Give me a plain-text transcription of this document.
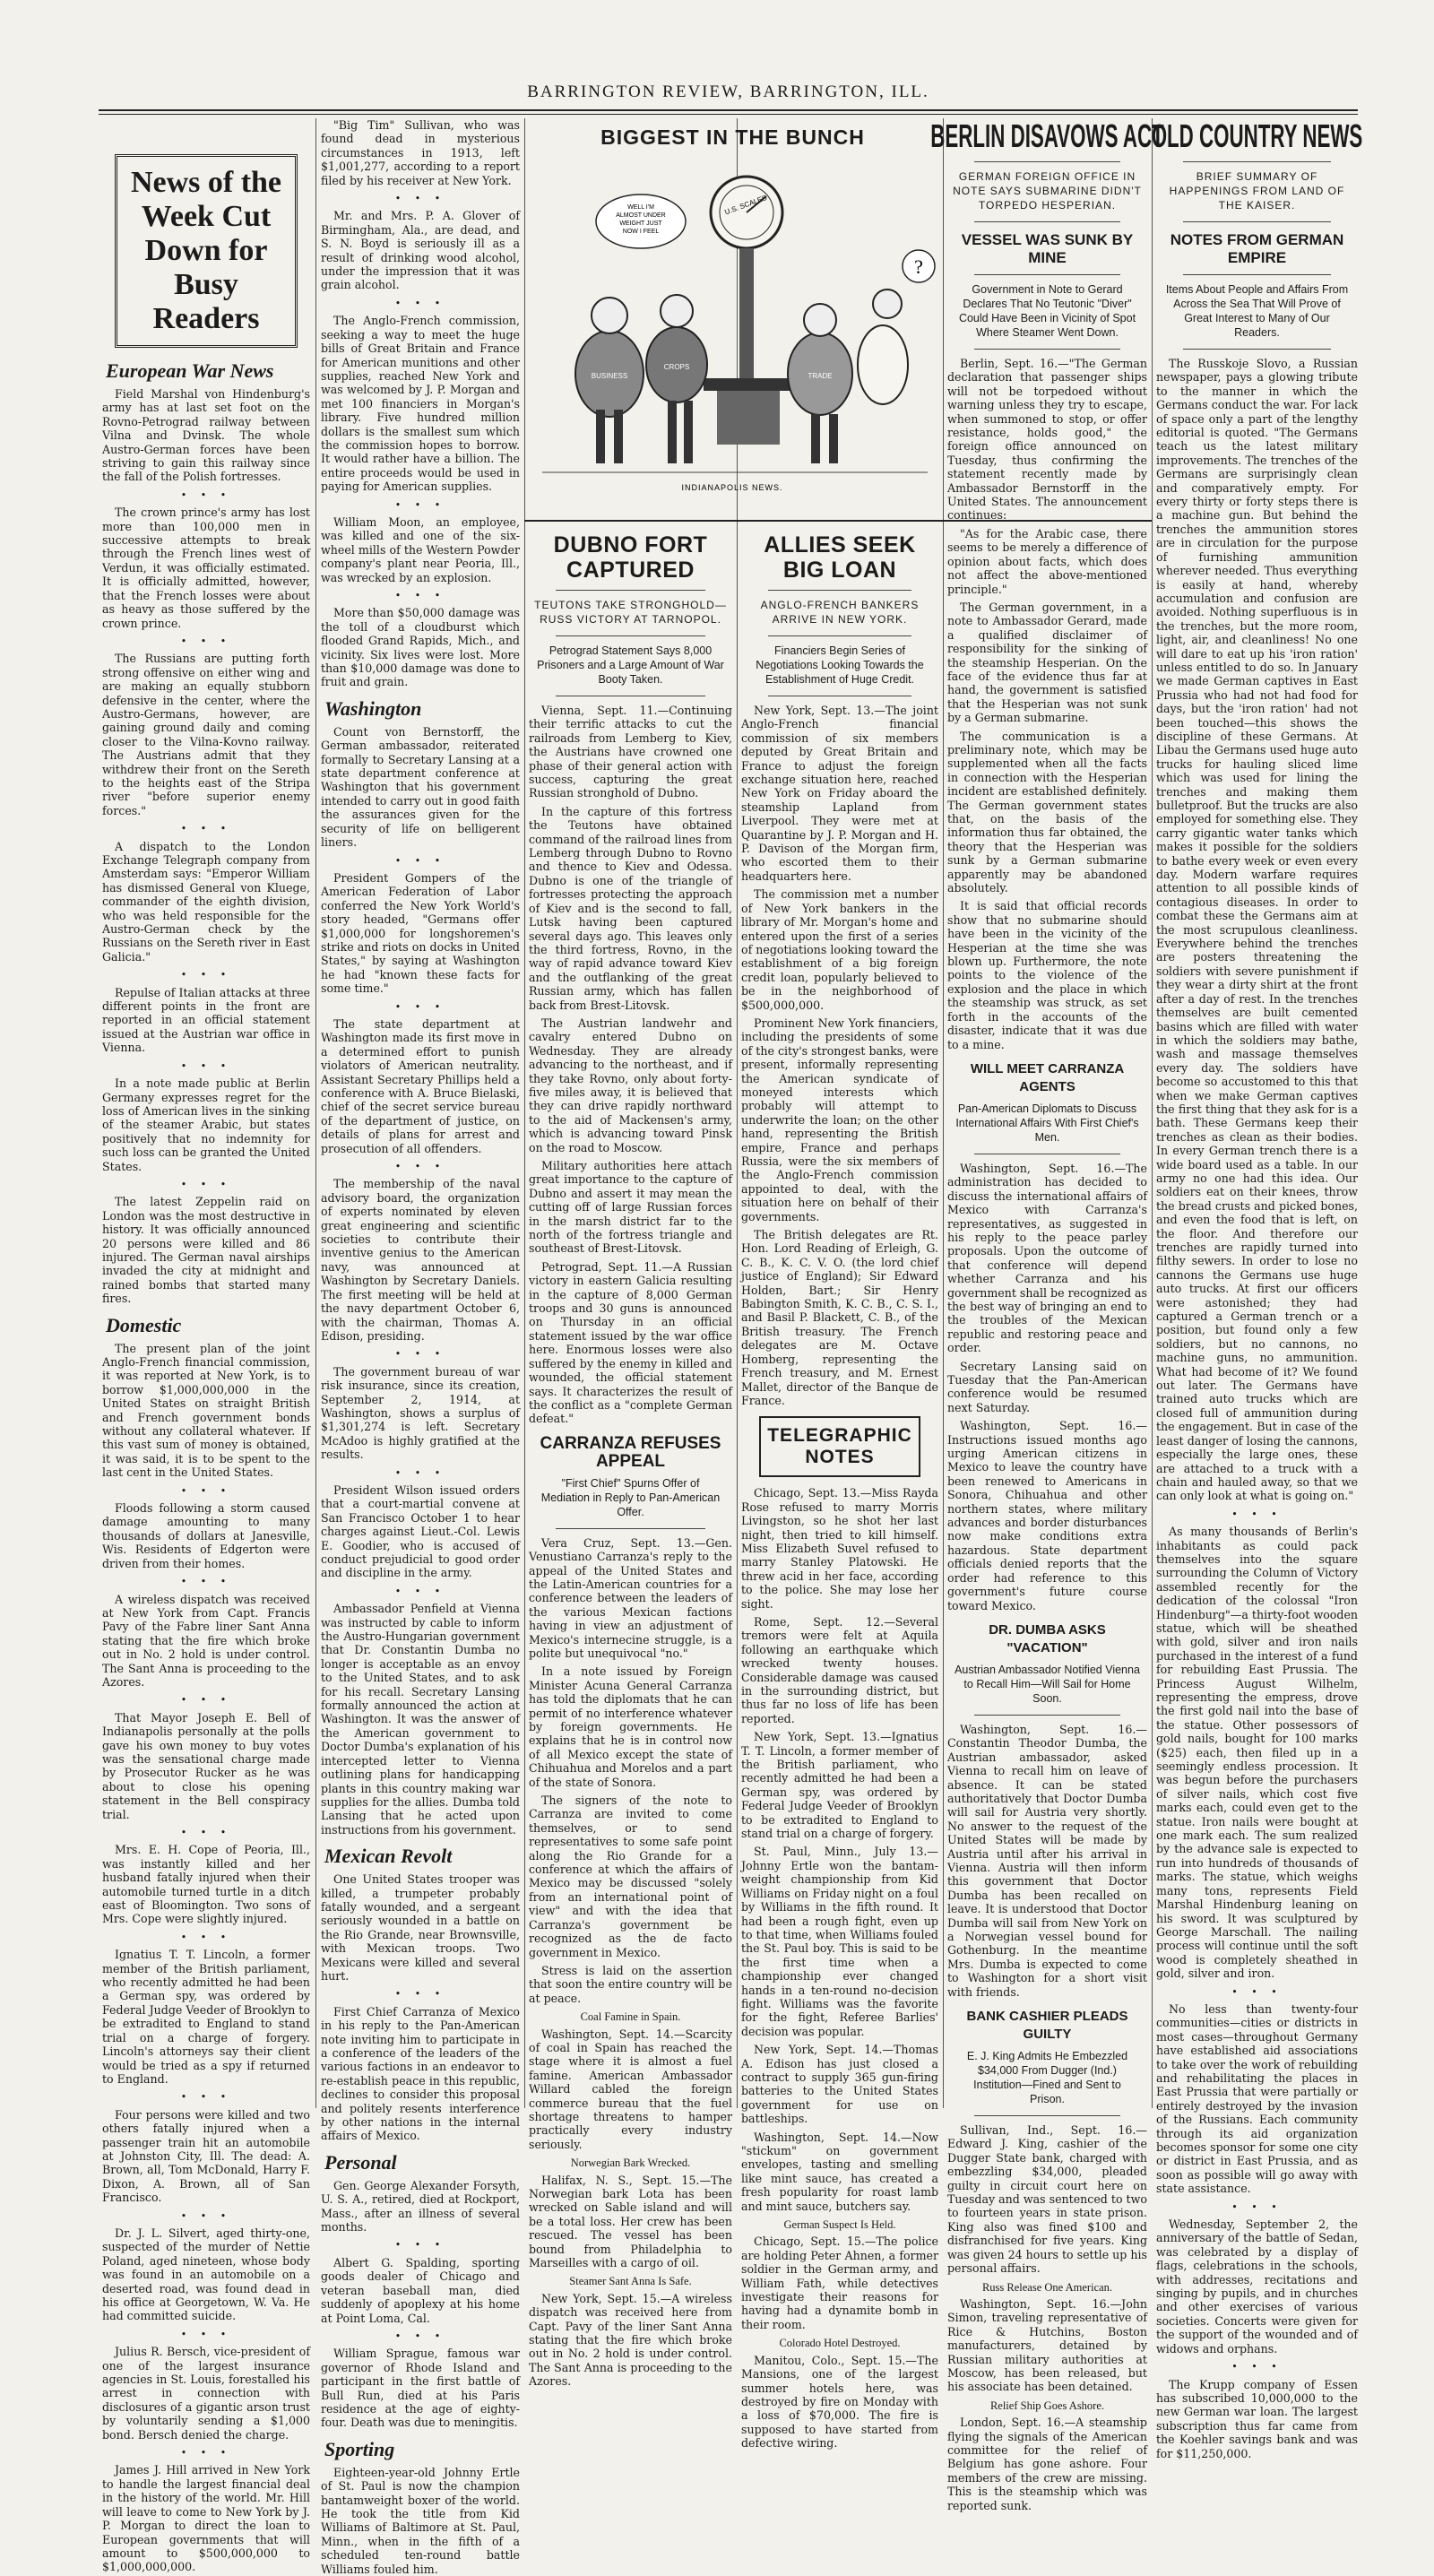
BARRINGTON REVIEW, BARRINGTON, ILL.
News of the
Week Cut
Down for
Busy Readers
European War News

Field Marshal von Hindenburg's army has at last set foot on the Rovno-Petrograd railway between Vilna and Dvinsk. The whole Austro-German forces have been striving to gain this railway since the fall of the Polish fortresses.

• • •

The crown prince's army has lost more than 100,000 men in successive attempts to break through the French lines west of Verdun, it was officially estimated. It is officially admitted, however, that the French losses were about as heavy as those suffered by the crown prince.

• • •

The Russians are putting forth strong offensive on either wing and are making an equally stubborn defensive in the center, where the Austro-Germans, however, are gaining ground daily and coming closer to the Vilna-Kovno railway. The Austrians admit that they withdrew their front on the Sereth to the heights east of the Stripa river "before superior enemy forces."

• • •

A dispatch to the London Exchange Telegraph company from Amsterdam says: "Emperor William has dismissed General von Kluege, commander of the eighth division, who was held responsible for the Austro-German check by the Russians on the Sereth river in East Galicia."

• • •

Repulse of Italian attacks at three different points in the front are reported in an official statement issued at the Austrian war office in Vienna.

• • •

In a note made public at Berlin Germany expresses regret for the loss of American lives in the sinking of the steamer Arabic, but states positively that no indemnity for such loss can be granted the United States.

• • •

The latest Zeppelin raid on London was the most destructive in history. It was officially announced 20 persons were killed and 86 injured. The German naval airships invaded the city at midnight and rained bombs that started many fires.

Domestic

The present plan of the joint Anglo-French financial commission, it was reported at New York, is to borrow $1,000,000,000 in the United States on straight British and French government bonds without any collateral whatever. If this vast sum of money is obtained, it was said, it is to be spent to the last cent in the United States.

• • •

Floods following a storm caused damage amounting to many thousands of dollars at Janesville, Wis. Residents of Edgerton were driven from their homes.

• • •

A wireless dispatch was received at New York from Capt. Francis Pavy of the Fabre liner Sant Anna stating that the fire which broke out in No. 2 hold is under control. The Sant Anna is proceeding to the Azores.

• • •

That Mayor Joseph E. Bell of Indianapolis personally at the polls gave his own money to buy votes was the sensational charge made by Prosecutor Rucker as he was about to close his opening statement in the Bell conspiracy trial.

• • •

Mrs. E. H. Cope of Peoria, Ill., was instantly killed and her husband fatally injured when their automobile turned turtle in a ditch east of Bloomington. Two sons of Mrs. Cope were slightly injured.

• • •

Ignatius T. T. Lincoln, a former member of the British parliament, who recently admitted he had been a German spy, was ordered by Federal Judge Veeder of Brooklyn to be extradited to England to stand trial on a charge of forgery. Lincoln's attorneys say their client would be tried as a spy if returned to England.

• • •

Four persons were killed and two others fatally injured when a passenger train hit an automobile at Johnston City, Ill. The dead: A. Brown, all, Tom McDonald, Harry F. Dixon, A. Brown, all of San Francisco.

• • •

Dr. J. L. Silvert, aged thirty-one, suspected of the murder of Nettie Poland, aged nineteen, whose body was found in an automobile on a deserted road, was found dead in his office at Georgetown, W. Va. He had committed suicide.

• • •

Julius R. Bersch, vice-president of one of the largest insurance agencies in St. Louis, forestalled his arrest in connection with disclosures of a gigantic arson trust by voluntarily sending a $1,000 bond. Bersch denied the charge.

• • •

James J. Hill arrived in New York to handle the largest financial deal in the history of the world. Mr. Hill will leave to come to New York by J. P. Morgan to direct the loan to European governments that will amount to $500,000,000 to $1,000,000,000.

"Big Tim" Sullivan, who was found dead in mysterious circumstances in 1913, left $1,001,277, according to a report filed by his receiver at New York.

• • •

Mr. and Mrs. P. A. Glover of Birmingham, Ala., are dead, and S. N. Boyd is seriously ill as a result of drinking wood alcohol, under the impression that it was grain alcohol.

• • •

The Anglo-French commission, seeking a way to meet the huge bills of Great Britain and France for American munitions and other supplies, reached New York and was welcomed by J. P. Morgan and met 100 financiers in Morgan's library. Five hundred million dollars is the smallest sum which the commission hopes to borrow. It would rather have a billion. The entire proceeds would be used in paying for American supplies.

• • •

William Moon, an employee, was killed and one of the six-wheel mills of the Western Powder company's plant near Peoria, Ill., was wrecked by an explosion.

• • •

More than $50,000 damage was the toll of a cloudburst which flooded Grand Rapids, Mich., and vicinity. Six lives were lost. More than $10,000 damage was done to fruit and grain.

Washington

Count von Bernstorff, the German ambassador, reiterated formally to Secretary Lansing at a state department conference at Washington that his government intended to carry out in good faith the assurances given for the security of life on belligerent liners.

• • •

President Gompers of the American Federation of Labor conferred the New York World's story headed, "Germans offer $1,000,000 for longshoremen's strike and riots on docks in United States," by saying at Washington he had "known these facts for some time."

• • •

The state department at Washington made its first move in a determined effort to punish violators of American neutrality. Assistant Secretary Phillips held a conference with A. Bruce Bielaski, chief of the secret service bureau of the department of justice, on details of plans for arrest and prosecution of all offenders.

• • •

The membership of the naval advisory board, the organization of experts nominated by eleven great engineering and scientific societies to contribute their inventive genius to the American navy, was announced at Washington by Secretary Daniels. The first meeting will be held at the navy department October 6, with the chairman, Thomas A. Edison, presiding.

• • •

The government bureau of war risk insurance, since its creation, September 2, 1914, at Washington, shows a surplus of $1,301,274 is left. Secretary McAdoo is highly gratified at the results.

• • •

President Wilson issued orders that a court-martial convene at San Francisco October 1 to hear charges against Lieut.-Col. Lewis E. Goodier, who is accused of conduct prejudicial to good order and discipline in the army.

• • •

Ambassador Penfield at Vienna was instructed by cable to inform the Austro-Hungarian government that Dr. Constantin Dumba no longer is acceptable as an envoy to the United States, and to ask for his recall. Secretary Lansing formally announced the action at Washington. It was the answer of the American government to Doctor Dumba's explanation of his intercepted letter to Vienna outlining plans for handicapping plants in this country making war supplies for the allies. Dumba told Lansing that he acted upon instructions from his government.

Mexican Revolt

One United States trooper was killed, a trumpeter probably fatally wounded, and a sergeant seriously wounded in a battle on the Rio Grande, near Brownsville, with Mexican troops. Two Mexicans were killed and several hurt.

• • •

First Chief Carranza of Mexico in his reply to the Pan-American note inviting him to participate in a conference of the leaders of the various factions in an endeavor to re-establish peace in this republic, declines to consider this proposal and politely resents interference by other nations in the internal affairs of Mexico.

Personal

Gen. George Alexander Forsyth, U. S. A., retired, died at Rockport, Mass., after an illness of several months.

• • •

Albert G. Spalding, sporting goods dealer of Chicago and veteran baseball man, died suddenly of apoplexy at his home at Point Loma, Cal.

• • •

William Sprague, famous war governor of Rhode Island and participant in the first battle of Bull Run, died at his Paris residence at the age of eighty-four. Death was due to meningitis.

Sporting

Eighteen-year-old Johnny Ertle of St. Paul is now the champion bantamweight boxer of the world. He took the title from Kid Williams of Baltimore at St. Paul, Minn., when in the fifth of a scheduled ten-round battle Williams fouled him.

BIGGEST IN THE BUNCH
U.S. SCALES
WELL I'M ALMOST UNDER WEIGHT JUST NOW I FEEL
?
BUSINESS
CROPS
TRADE
INDIANAPOLIS NEWS.
DUBNO FORT CAPTURED
TEUTONS TAKE STRONGHOLD—RUSS VICTORY AT TARNOPOL.
Petrograd Statement Says 8,000 Prisoners and a Large Amount of War Booty Taken.

Vienna, Sept. 11.—Continuing their terrific attacks to cut the railroads from Lemberg to Kiev, the Austrians have crowned one phase of their general action with success, capturing the great Russian stronghold of Dubno.

In the capture of this fortress the Teutons have obtained command of the railroad lines from Lemberg through Dubno to Rovno and thence to Kiev and Odessa. Dubno is one of the triangle of fortresses protecting the approach of Kiev and is the second to fall, Lutsk having been captured several days ago. This leaves only the third fortress, Rovno, in the way of rapid advance toward Kiev and the outflanking of the great Russian army, which has fallen back from Brest-Litovsk.

The Austrian landwehr and cavalry entered Dubno on Wednesday. They are already advancing to the northeast, and if they take Rovno, only about forty-five miles away, it is believed that they can drive rapidly northward to the aid of Mackensen's army, which is advancing toward Pinsk on the road to Moscow.

Military authorities here attach great importance to the capture of Dubno and assert it may mean the cutting off of large Russian forces in the marsh district far to the north of the fortress triangle and southeast of Brest-Litovsk.

Petrograd, Sept. 11.—A Russian victory in eastern Galicia resulting in the capture of 8,000 German troops and 30 guns is announced on Thursday in an official statement issued by the war office here. Enormous losses were also suffered by the enemy in killed and wounded, the official statement says. It characterizes the result of the conflict as a "complete German defeat."

CARRANZA REFUSES APPEAL
"First Chief" Spurns Offer of Mediation in Reply to Pan-American Offer.

Vera Cruz, Sept. 13.—Gen. Venustiano Carranza's reply to the appeal of the United States and the Latin-American countries for a conference between the leaders of the various Mexican factions having in view an adjustment of Mexico's internecine struggle, is a polite but unequivocal "no."

In a note issued by Foreign Minister Acuna General Carranza has told the diplomats that he can permit of no interference whatever by foreign governments. He explains that he is in control now of all Mexico except the state of Chihuahua and Morelos and a part of the state of Sonora.

The signers of the note to Carranza are invited to come themselves, or to send representatives to some safe point along the Rio Grande for a conference at which the affairs of Mexico may be discussed "solely from an international point of view" and with the idea that Carranza's government be recognized as the de facto government in Mexico.

Stress is laid on the assertion that soon the entire country will be at peace.

Coal Famine in Spain.

Washington, Sept. 14.—Scarcity of coal in Spain has reached the stage where it is almost a fuel famine. American Ambassador Willard cabled the foreign commerce bureau that the fuel shortage threatens to hamper practically every industry seriously.

Norwegian Bark Wrecked.

Halifax, N. S., Sept. 15.—The Norwegian bark Lota has been wrecked on Sable island and will be a total loss. Her crew has been rescued. The vessel has been bound from Philadelphia to Marseilles with a cargo of oil.

Steamer Sant Anna Is Safe.

New York, Sept. 15.—A wireless dispatch was received here from Capt. Pavy of the liner Sant Anna stating that the fire which broke out in No. 2 hold is under control. The Sant Anna is proceeding to the Azores.

ALLIES SEEK BIG LOAN
ANGLO-FRENCH BANKERS ARRIVE IN NEW YORK.
Financiers Begin Series of Negotiations Looking Towards the Establishment of Huge Credit.

New York, Sept. 13.—The joint Anglo-French financial commission of six members deputed by Great Britain and France to adjust the foreign exchange situation here, reached New York on Friday aboard the steamship Lapland from Liverpool. They were met at Quarantine by J. P. Morgan and H. P. Davison of the Morgan firm, who escorted them to their headquarters here.

The commission met a number of New York bankers in the library of Mr. Morgan's home and entered upon the first of a series of negotiations looking toward the establishment of a big foreign credit loan, popularly believed to be in the neighborhood of $500,000,000.

Prominent New York financiers, including the presidents of some of the city's strongest banks, were present, informally representing the American syndicate of moneyed interests which probably will attempt to underwrite the loan; on the other hand, representing the British empire, France and perhaps Russia, were the six members of the Anglo-French commission appointed to deal, with the situation here on behalf of their governments.

The British delegates are Rt. Hon. Lord Reading of Erleigh, G. C. B., K. C. V. O. (the lord chief justice of England); Sir Edward Holden, Bart.; Sir Henry Babington Smith, K. C. B., C. S. I., and Basil P. Blackett, C. B., of the British treasury. The French delegates are M. Octave Homberg, representing the French treasury, and M. Ernest Mallet, director of the Banque de France.

TELEGRAPHIC
NOTES

Chicago, Sept. 13.—Miss Rayda Rose refused to marry Morris Livingston, so he shot her last night, then tried to kill himself. Miss Elizabeth Suvel refused to marry Stanley Platowski. He threw acid in her face, according to the police. She may lose her sight.

Rome, Sept. 12.—Several tremors were felt at Aquila following an earthquake which wrecked twenty houses. Considerable damage was caused in the surrounding district, but thus far no loss of life has been reported.

New York, Sept. 13.—Ignatius T. T. Lincoln, a former member of the British parliament, who recently admitted he had been a German spy, was ordered by Federal Judge Veeder of Brooklyn to be extradited to England to stand trial on a charge of forgery.

St. Paul, Minn., July 13.—Johnny Ertle won the bantam-weight championship from Kid Williams on Friday night on a foul by Williams in the fifth round. It had been a rough fight, even up to that time, when Williams fouled the St. Paul boy. This is said to be the first time when a championship ever changed hands in a ten-round no-decision fight. Williams was the favorite for the fight, Referee Barlies' decision was popular.

New York, Sept. 14.—Thomas A. Edison has just closed a contract to supply 365 gun-firing batteries to the United States government for use on battleships.

Washington, Sept. 14.—Now "stickum" on government envelopes, tasting and smelling like mint sauce, has created a fresh popularity for roast lamb and mint sauce, butchers say.

German Suspect Is Held.

Chicago, Sept. 15.—The police are holding Peter Ahnen, a former soldier in the German army, and William Fath, while detectives investigate their reasons for having had a dynamite bomb in their room.

Colorado Hotel Destroyed.

Manitou, Colo., Sept. 15.—The Mansions, one of the largest summer hotels here, was destroyed by fire on Monday with a loss of $70,000. The fire is supposed to have started from defective wiring.

BERLIN DISAVOWS ACT
GERMAN FOREIGN OFFICE IN NOTE SAYS SUBMARINE DIDN'T TORPEDO HESPERIAN.
VESSEL WAS SUNK BY MINE
Government in Note to Gerard Declares That No Teutonic "Diver" Could Have Been in Vicinity of Spot Where Steamer Went Down.

Berlin, Sept. 16.—"The German declaration that passenger ships will not be torpedoed without warning unless they try to escape, when summoned to stop, or offer resistance, holds good," the foreign office announced on Tuesday, thus confirming the statement recently made by Ambassador Bernstorff in the United States. The announcement continues:

"As for the Arabic case, there seems to be merely a difference of opinion about facts, which does not affect the above-mentioned principle."

The German government, in a note to Ambassador Gerard, made a qualified disclaimer of responsibility for the sinking of the steamship Hesperian. On the face of the evidence thus far at hand, the government is satisfied that the Hesperian was not sunk by a German submarine.

The communication is a preliminary note, which may be supplemented when all the facts in connection with the Hesperian incident are established definitely. The German government states that, on the basis of the information thus far obtained, the theory that the Hesperian was sunk by a German submarine apparently may be abandoned absolutely.

It is said that official records show that no submarine should have been in the vicinity of the Hesperian at the time she was blown up. Furthermore, the note points to the violence of the explosion and the place in which the steamship was struck, as set forth in the accounts of the disaster, indicate that it was due to a mine.

WILL MEET CARRANZA AGENTS
Pan-American Diplomats to Discuss International Affairs With First Chief's Men.

Washington, Sept. 16.—The administration has decided to discuss the international affairs of Mexico with Carranza's representatives, as suggested in his reply to the peace parley proposals. Upon the outcome of that conference will depend whether Carranza and his government shall be recognized as the best way of bringing an end to the troubles of the Mexican republic and restoring peace and order.

Secretary Lansing said on Tuesday that the Pan-American conference would be resumed next Saturday.

Washington, Sept. 16.—Instructions issued months ago urging American citizens in Mexico to leave the country have been renewed to Americans in Sonora, Chihuahua and other northern states, where military advances and border disturbances now make conditions extra hazardous. State department officials denied reports that the order had reference to this government's future course toward Mexico.

DR. DUMBA ASKS "VACATION"
Austrian Ambassador Notified Vienna to Recall Him—Will Sail for Home Soon.

Washington, Sept. 16.—Constantin Theodor Dumba, the Austrian ambassador, asked Vienna to recall him on leave of absence. It can be stated authoritatively that Doctor Dumba will sail for Austria very shortly. No answer to the request of the United States will be made by Austria until after his arrival in Vienna. Austria will then inform this government that Doctor Dumba has been recalled on leave. It is understood that Doctor Dumba will sail from New York on a Norwegian vessel bound for Gothenburg. In the meantime Mrs. Dumba is expected to come to Washington for a short visit with friends.

BANK CASHIER PLEADS GUILTY
E. J. King Admits He Embezzled $34,000 From Dugger (Ind.) Institution—Fined and Sent to Prison.

Sullivan, Ind., Sept. 16.—Edward J. King, cashier of the Dugger State bank, charged with embezzling $34,000, pleaded guilty in circuit court here on Tuesday and was sentenced to two to fourteen years in state prison. King also was fined $100 and disfranchised for five years. King was given 24 hours to settle up his personal affairs.

Russ Release One American.

Washington, Sept. 16.—John Simon, traveling representative of Rice & Hutchins, Boston manufacturers, detained by Russian military authorities at Moscow, has been released, but his associate has been detained.

Relief Ship Goes Ashore.

London, Sept. 16.—A steamship flying the signals of the American committee for the relief of Belgium has gone ashore. Four members of the crew are missing. This is the steamship which was reported sunk.

OLD COUNTRY NEWS
BRIEF SUMMARY OF HAPPENINGS FROM LAND OF THE KAISER.
NOTES FROM GERMAN EMPIRE
Items About People and Affairs From Across the Sea That Will Prove of Great Interest to Many of Our Readers.

The Russkoje Slovo, a Russian newspaper, pays a glowing tribute to the manner in which the Germans conduct the war. For lack of space only a part of the lengthy editorial is quoted. "The Germans teach us the latest military improvements. The trenches of the Germans are surprisingly clean and comparatively empty. For every thirty or forty steps there is a machine gun. But behind the trenches the ammunition stores are in circulation for the purpose of furnishing ammunition wherever needed. Thus everything is easily at hand, whereby accumulation and confusion are avoided. Nothing superfluous is in the trenches, but the more room, light, air, and cleanliness! No one will dare to eat up his 'iron ration' unless entitled to do so. In January we made German captives in East Prussia who had not had food for days, but the 'iron ration' had not been touched—this shows the discipline of these Germans. At Libau the Germans used huge auto trucks for hauling sliced lime which was used for lining the trenches and making them bulletproof. But the trucks are also employed for something else. They carry gigantic water tanks which makes it possible for the soldiers to bathe every week or even every day. Modern warfare requires attention to all possible kinds of contagious diseases. In order to combat these the Germans aim at the most scrupulous cleanliness. Everywhere behind the trenches are posters threatening the soldiers with severe punishment if they wear a dirty shirt at the front after a day of rest. In the trenches themselves are built cemented basins which are filled with water in which the soldiers may bathe, wash and massage themselves every day. The soldiers have become so accustomed to this that when we make German captives the first thing that they ask for is a bath. These Germans keep their trenches as clean as their bodies. In every German trench there is a wide board used as a table. In our army no one had this idea. Our soldiers eat on their knees, throw the bread crusts and picked bones, and even the food that is left, on the floor. And therefore our trenches are rapidly turned into filthy sewers. In order to lose no cannons the Germans use huge auto trucks. At first our officers were astonished; they had captured a German trench or a position, but found only a few soldiers, but no cannons, no machine guns, no ammunition. What had become of it? We found out later. The Germans have trained auto trucks which are closed full of ammunition during the engagement. But in case of the least danger of losing the cannons, especially the large ones, these are attached to a truck with a chain and hauled away, so that we can only look at what is going on."

• • •

As many thousands of Berlin's inhabitants as could pack themselves into the square surrounding the Column of Victory assembled recently for the dedication of the colossal "Iron Hindenburg"—a thirty-foot wooden statue, which will be sheathed with gold, silver and iron nails purchased in the interest of a fund for rebuilding East Prussia. The Princess August Wilhelm, representing the empress, drove the first gold nail into the base of the statue. Other possessors of gold nails, bought for 100 marks ($25) each, then filed up in a seemingly endless procession. It was begun before the purchasers of silver nails, which cost five marks each, could even get to the statue. Iron nails were bought at one mark each. The sum realized by the advance sale is expected to run into hundreds of thousands of marks. The statue, which weighs many tons, represents Field Marshal Hindenburg leaning on his sword. It was sculptured by George Marschall. The nailing process will continue until the soft wood is completely sheathed in gold, silver and iron.

• • •

No less than twenty-four communities—cities or districts in most cases—throughout Germany have established aid associations to take over the work of rebuilding and rehabilitating the places in East Prussia that were partially or entirely destroyed by the invasion of the Russians. Each community through its aid organization becomes sponsor for some one city or district in East Prussia, and as soon as possible will go away with state assistance.

• • •

Wednesday, September 2, the anniversary of the battle of Sedan, was celebrated by a display of flags, celebrations in the schools, with addresses, recitations and singing by pupils, and in churches and other exercises of various societies. Concerts were given for the support of the wounded and of widows and orphans.

• • •

The Krupp company of Essen has subscribed 10,000,000 to the new German war loan. The largest subscription thus far came from the Koehler savings bank and was for $11,250,000.
